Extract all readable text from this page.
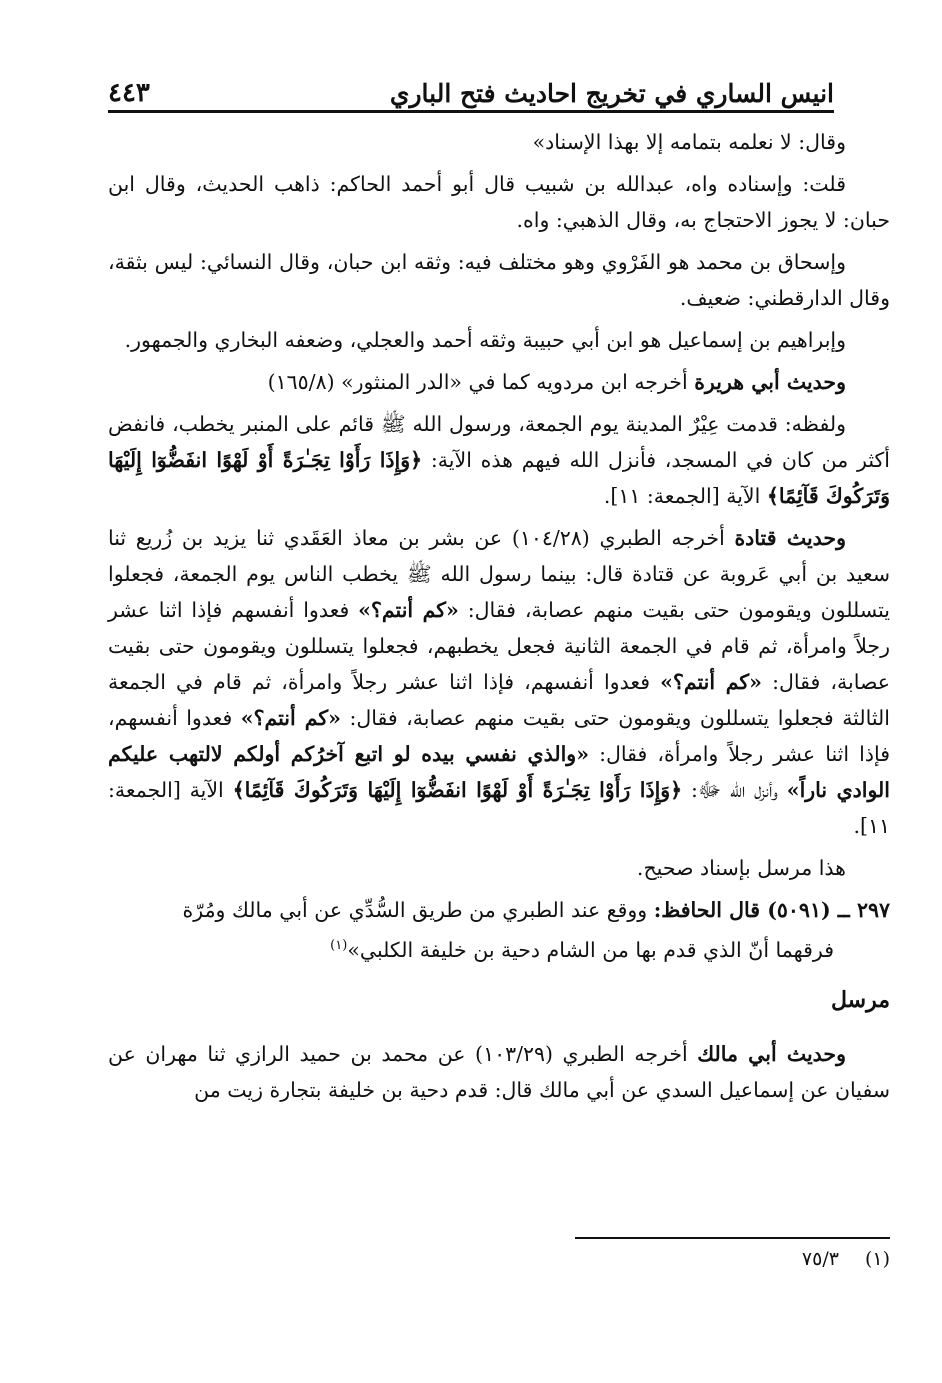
انيس الساري في تخريج احاديث فتح الباري
٤٤٣

وقال: لا نعلمه بتمامه إلا بهذا الإسناد»

قلت: وإسناده واه، عبدالله بن شبيب قال أبو أحمد الحاكم: ذاهب الحديث، وقال ابن حبان: لا يجوز الاحتجاج به، وقال الذهبي: واه.

وإسحاق بن محمد هو الفَرْوي وهو مختلف فيه: وثقه ابن حبان، وقال النسائي: ليس بثقة، وقال الدارقطني: ضعيف.

وإبراهيم بن إسماعيل هو ابن أبي حبيبة وثقه أحمد والعجلي، وضعفه البخاري والجمهور.

وحديث أبي هريرة أخرجه ابن مردويه كما في «الدر المنثور» (١٦٥/٨)

ولفظه: قدمت عِيْرٌ المدينة يوم الجمعة، ورسول الله ﷺ قائم على المنبر يخطب، فانفض أكثر من كان في المسجد، فأنزل الله فيهم هذه الآية: ﴿وَإِذَا رَأَوْا تِجَـٰرَةً أَوْ لَهْوًا انفَضُّوٓا إِلَيْهَا وَتَرَكُوكَ قَآئِمًا﴾ الآية [الجمعة: ١١].

وحديث قتادة أخرجه الطبري (١٠٤/٢٨) عن بشر بن معاذ العَقَدي ثنا يزيد بن زُريع ثنا سعيد بن أبي عَروبة عن قتادة قال: بينما رسول الله ﷺ يخطب الناس يوم الجمعة، فجعلوا يتسللون ويقومون حتى بقيت منهم عصابة، فقال: «كم أنتم؟» فعدوا أنفسهم فإذا اثنا عشر رجلاً وامرأة، ثم قام في الجمعة الثانية فجعل يخطبهم، فجعلوا يتسللون ويقومون حتى بقيت عصابة، فقال: «كم أنتم؟» فعدوا أنفسهم، فإذا اثنا عشر رجلاً وامرأة، ثم قام في الجمعة الثالثة فجعلوا يتسللون ويقومون حتى بقيت منهم عصابة، فقال: «كم أنتم؟» فعدوا أنفسهم، فإذا اثنا عشر رجلاً وامرأة، فقال: «والذي نفسي بيده لو اتبع آخرُكم أولكم لالتهب عليكم الوادي ناراً» وأنزل الله ﷻ: ﴿وَإِذَا رَأَوْا تِجَـٰرَةً أَوْ لَهْوًا انفَضُّوٓا إِلَيْهَا وَتَرَكُوكَ قَآئِمًا﴾ الآية [الجمعة: ١١].

هذا مرسل بإسناد صحيح.

٢٩٧ ــ (٥٠٩١) قال الحافظ: ووقع عند الطبري من طريق السُّدِّي عن أبي مالك ومُرّة
فرقهما أنّ الذي قدم بها من الشام دحية بن خليفة الكلبي»$^{(١)}$

مرسل

وحديث أبي مالك أخرجه الطبري (١٠٣/٢٩) عن محمد بن حميد الرازي ثنا مهران عن سفيان عن إسماعيل السدي عن أبي مالك قال: قدم دحية بن خليفة بتجارة زيت من

(١)٧٥/٣
